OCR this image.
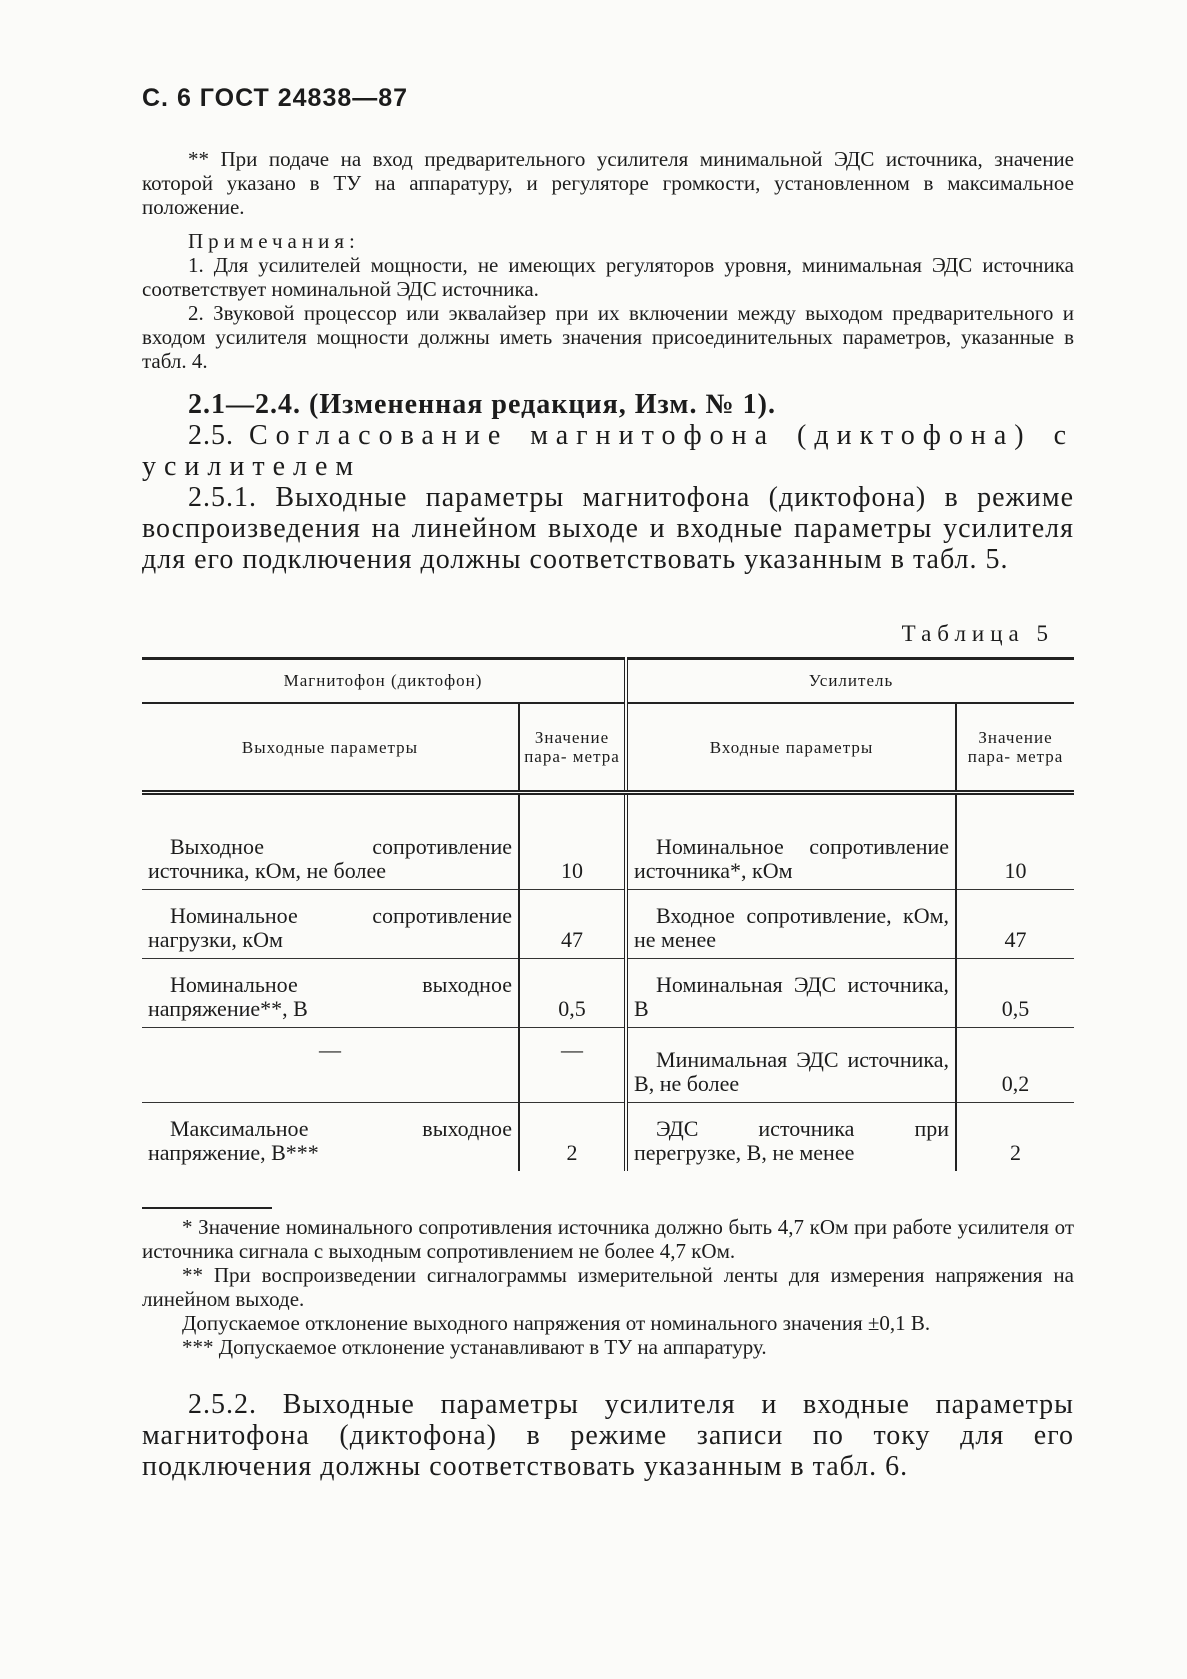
С. 6 ГОСТ 24838—87

** При подаче на вход предварительного усилителя минимальной ЭДС источника, значение которой указано в ТУ на аппаратуру, и регуляторе громкости, установленном в максимальное положение.

Примечания:

1. Для усилителей мощности, не имеющих регуляторов уровня, минимальная ЭДС источника соответствует номинальной ЭДС источника.

2. Звуковой процессор или эквалайзер при их включении между выходом предварительного и входом усилителя мощности должны иметь значения присоединительных параметров, указанные в табл. 4.

2.1—2.4. (Измененная редакция, Изм. № 1).

2.5. Согласование магнитофона (диктофона) с усилителем

2.5.1. Выходные параметры магнитофона (диктофона) в режиме воспроизведения на линейном выходе и входные параметры усилителя для его подключения должны соответствовать указанным в табл. 5.

Таблица 5
Магнитофон (диктофон)		Усилитель	
Выходные параметры	Значение пара- метра	Входные параметры	Значение пара- метра
Выходное сопротивление источника, кОм, не более	10	Номинальное сопротивление источника*, кОм	10
Номинальное сопротивление нагрузки, кОм	47	Входное сопротивление, кОм, не менее	47
Номинальное выходное напряжение**, В	0,5	Номинальная ЭДС источника, В	0,5
—	—	Минимальная ЭДС источника, В, не более	0,2
Максимальное выходное напряжение, В***	2	ЭДС источника при перегрузке, В, не менее	2

* Значение номинального сопротивления источника должно быть 4,7 кОм при работе усилителя от источника сигнала с выходным сопротивлением не более 4,7 кОм.

** При воспроизведении сигналограммы измерительной ленты для измерения напряжения на линейном выходе.

Допускаемое отклонение выходного напряжения от номинального значения ±0,1 В.

*** Допускаемое отклонение устанавливают в ТУ на аппаратуру.

2.5.2. Выходные параметры усилителя и входные параметры магнитофона (диктофона) в режиме записи по току для его подключения должны соответствовать указанным в табл. 6.
